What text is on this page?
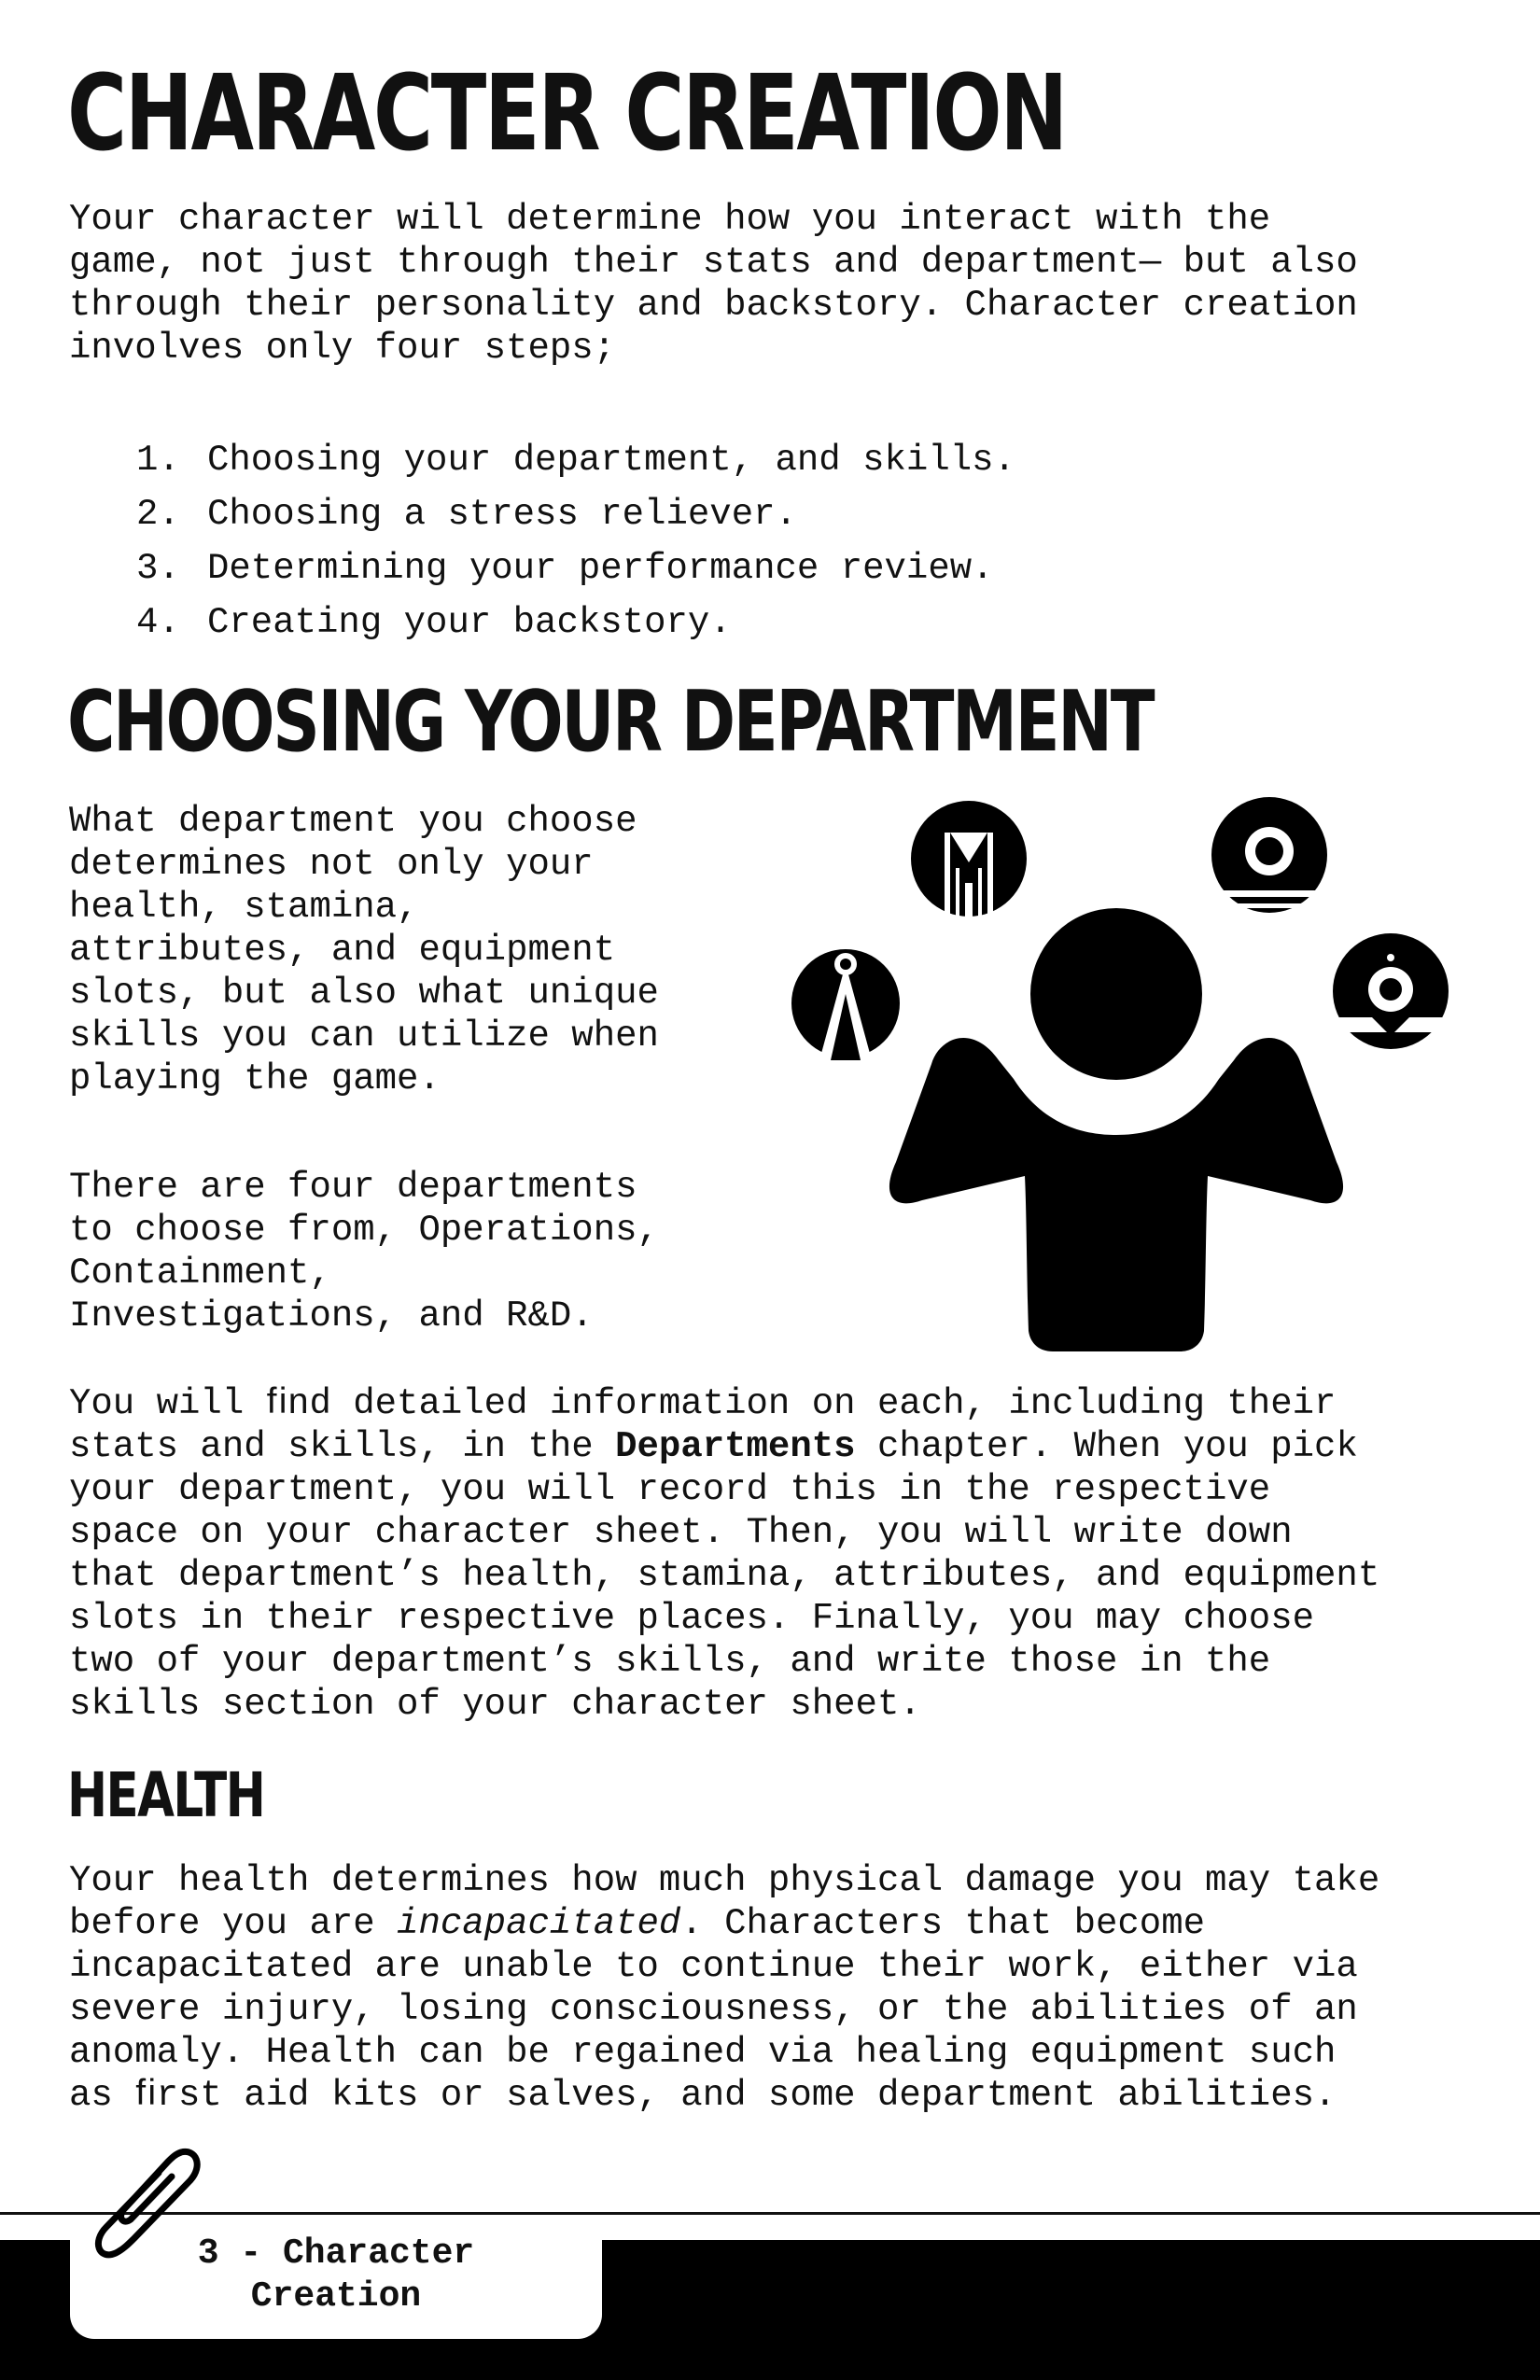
CHARACTER CREATION

Your character will determine how you interact with the
game, not just through their stats and department— but also
through their personality and backstory. Character creation
involves only four steps;

1. Choosing your department, and skills.
2. Choosing a stress reliever.
3. Determining your performance review.
4. Creating your backstory.
CHOOSING YOUR DEPARTMENT

What department you choose
determines not only your
health, stamina,
attributes, and equipment
slots, but also what unique
skills you can utilize when
playing the game.

There are four departments
to choose from, Operations,
Containment,
Investigations, and R&D.

You will ﬁnd detailed information on each, including their
stats and skills, in the Departments chapter. When you pick
your department, you will record this in the respective
space on your character sheet. Then, you will write down
that department’s health, stamina, attributes, and equipment
slots in their respective places. Finally, you may choose
two of your department’s skills, and write those in the
skills section of your character sheet.

HEALTH

Your health determines how much physical damage you may take
before you are incapacitated. Characters that become
incapacitated are unable to continue their work, either via
severe injury, losing consciousness, or the abilities of an
anomaly. Health can be regained via healing equipment such
as ﬁrst aid kits or salves, and some department abilities.

3 - Character
Creation
